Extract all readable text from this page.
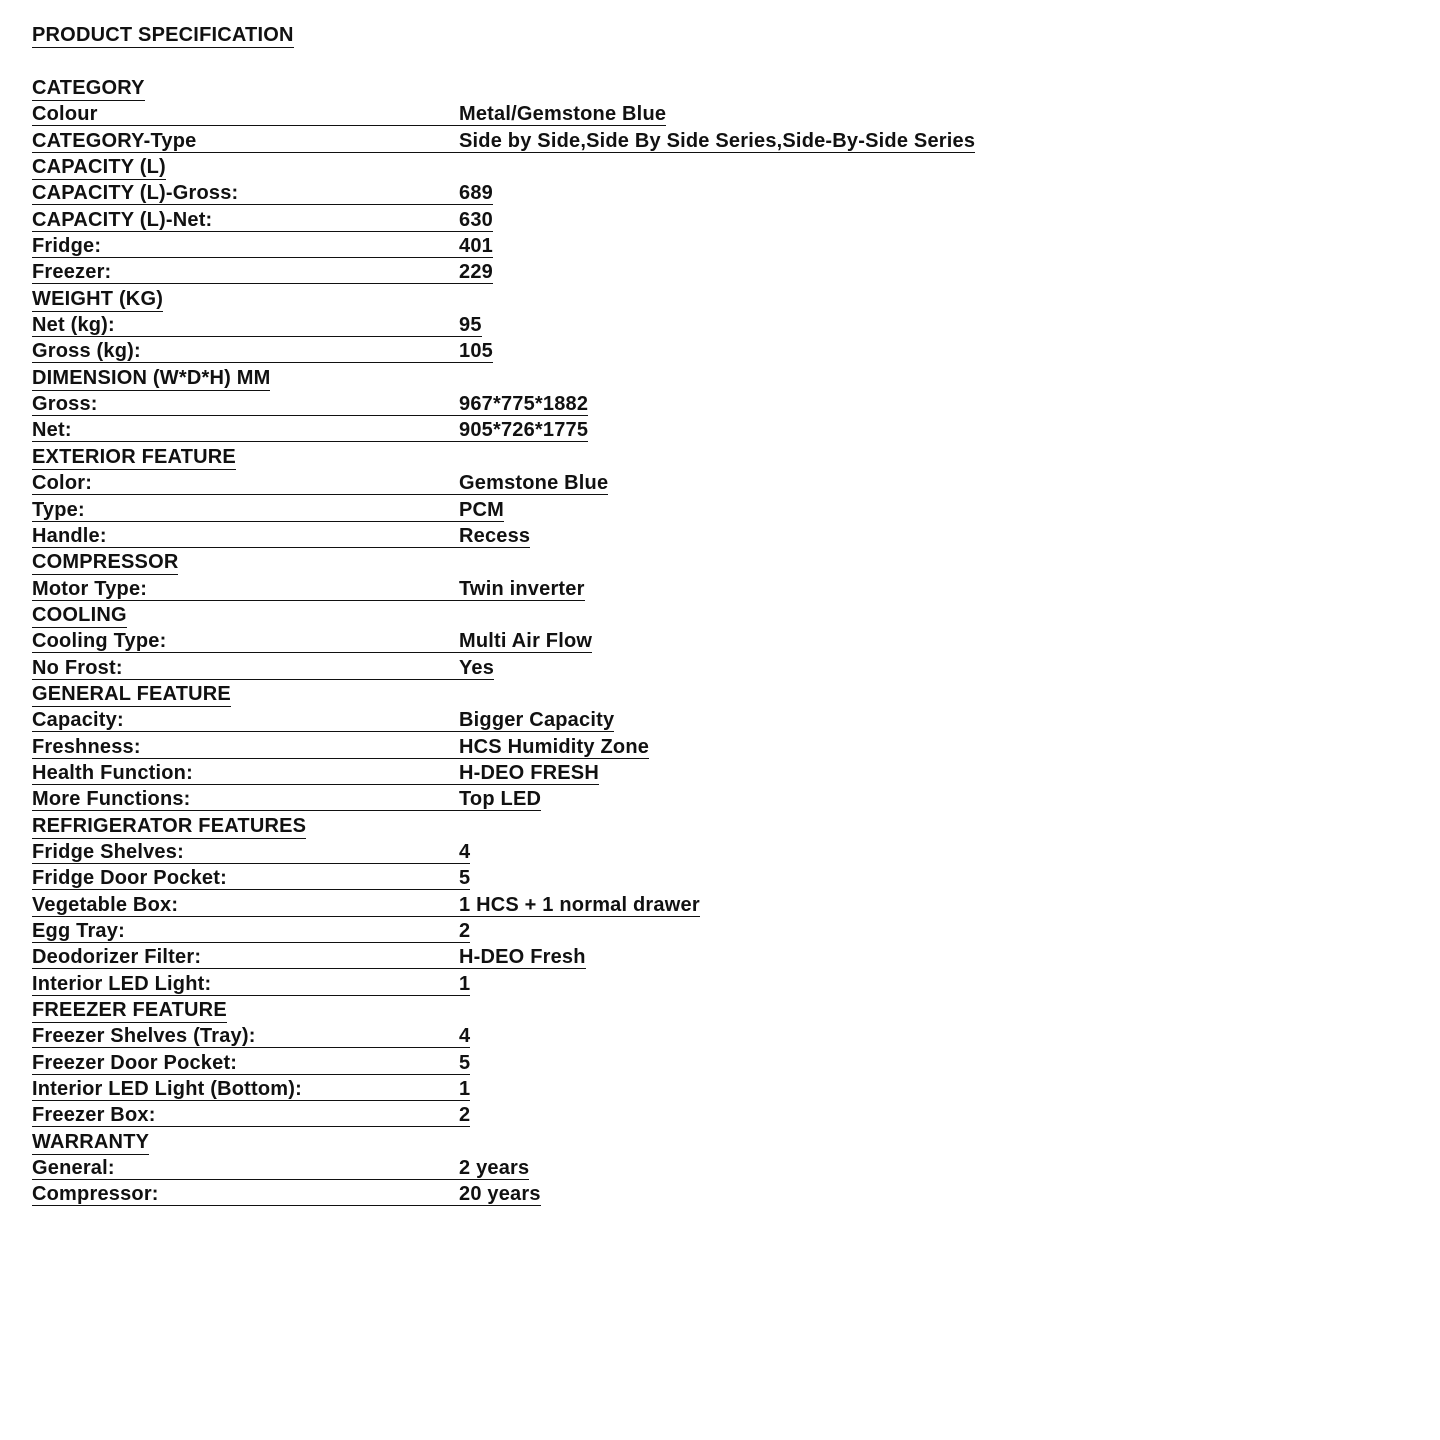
PRODUCT SPECIFICATION
CATEGORY
Colour	Metal/Gemstone Blue
CATEGORY-Type	Side by Side,Side By Side Series,Side-By-Side Series
CAPACITY (L)
CAPACITY (L)-Gross:	689
CAPACITY (L)-Net:	630
Fridge:	401
Freezer:	229
WEIGHT (KG)
Net (kg):	95
Gross (kg):	105
DIMENSION (W*D*H) MM
Gross:	967*775*1882
Net:	905*726*1775
EXTERIOR FEATURE
Color:	Gemstone Blue
Type:	PCM
Handle:	Recess
COMPRESSOR
Motor Type:	Twin inverter
COOLING
Cooling Type:	Multi Air Flow
No Frost:	Yes
GENERAL FEATURE
Capacity:	Bigger Capacity
Freshness:	HCS Humidity Zone
Health Function:	H-DEO FRESH
More Functions:	Top LED
REFRIGERATOR FEATURES
Fridge Shelves:	4
Fridge Door Pocket:	5
Vegetable Box:	1 HCS + 1 normal drawer
Egg Tray:	2
Deodorizer Filter:	H-DEO Fresh
Interior LED Light:	1
FREEZER FEATURE
Freezer Shelves (Tray):	4
Freezer Door Pocket:	5
Interior LED Light (Bottom):	1
Freezer Box:	2
WARRANTY
General:	2 years
Compressor:	20 years
